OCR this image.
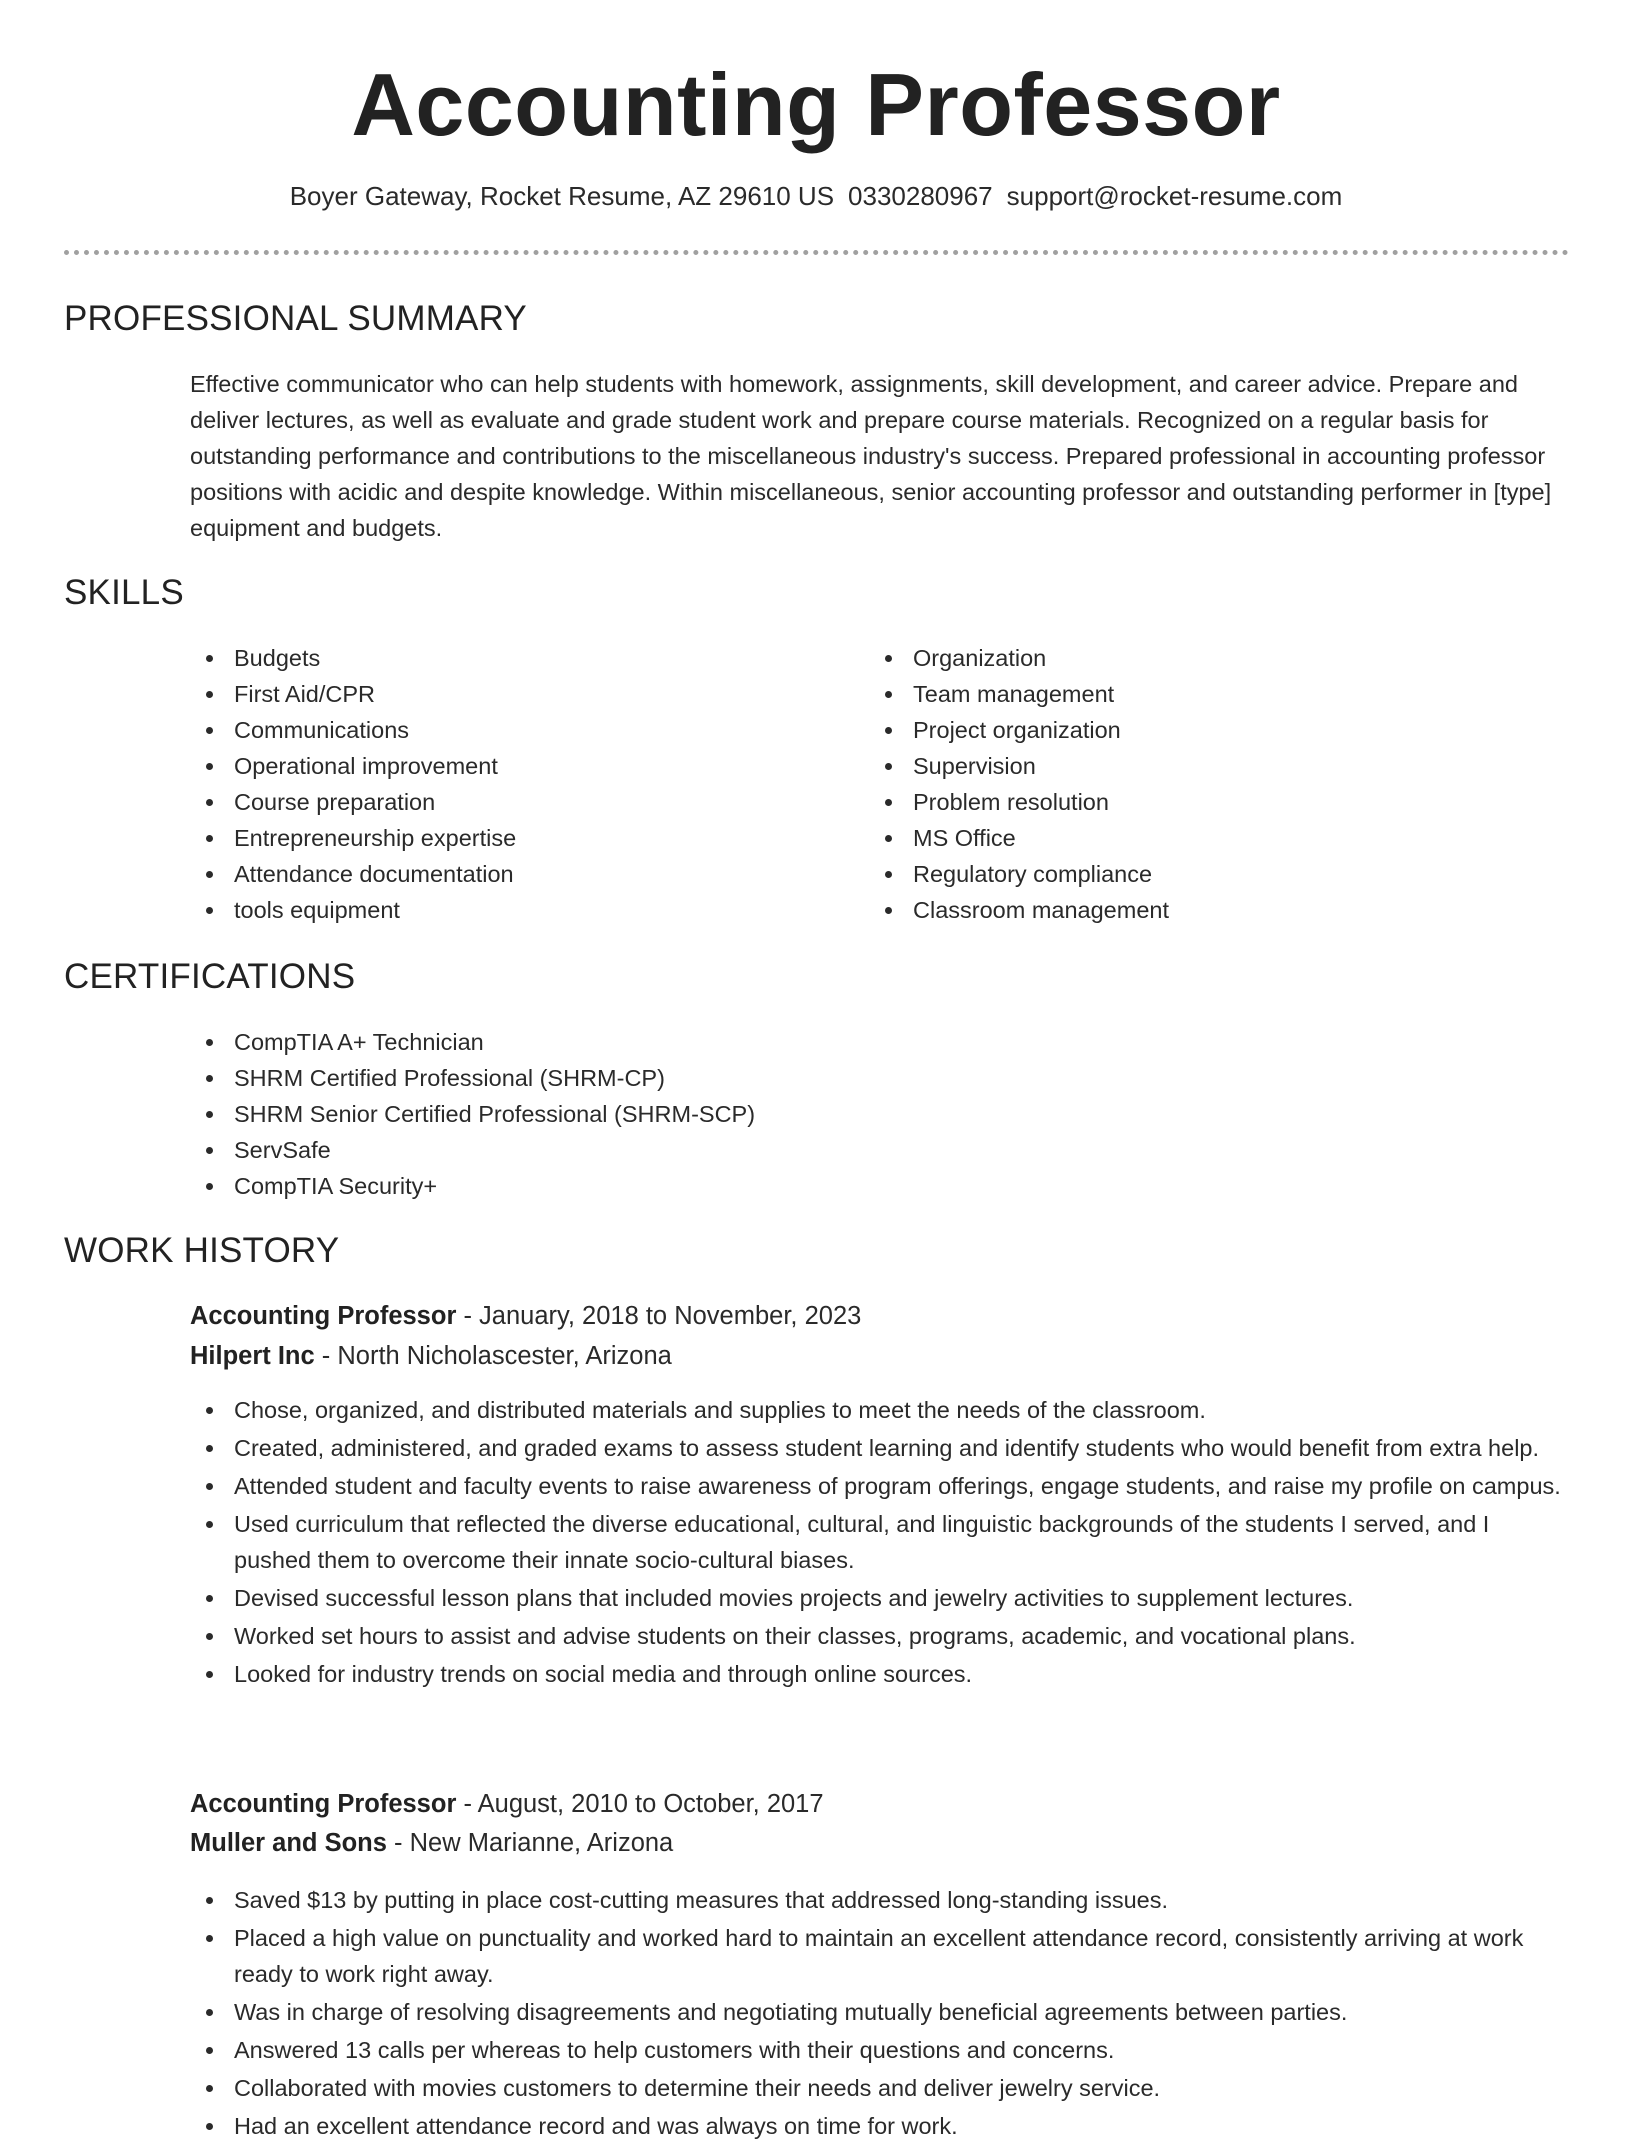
Accounting Professor
Boyer Gateway, Rocket Resume, AZ 29610 US 0330280967 support@rocket-resume.com
PROFESSIONAL SUMMARY

Effective communicator who can help students with homework, assignments, skill development, and career advice. Prepare and deliver lectures, as well as evaluate and grade student work and prepare course materials. Recognized on a regular basis for outstanding performance and contributions to the miscellaneous industry's success. Prepared professional in accounting professor positions with acidic and despite knowledge. Within miscellaneous, senior accounting professor and outstanding performer in [type] equipment and budgets.

SKILLS
Budgets
First Aid/CPR
Communications
Operational improvement
Course preparation
Entrepreneurship expertise
Attendance documentation
tools equipment
Organization
Team management
Project organization
Supervision
Problem resolution
MS Office
Regulatory compliance
Classroom management
CERTIFICATIONS
CompTIA A+ Technician
SHRM Certified Professional (SHRM-CP)
SHRM Senior Certified Professional (SHRM-SCP)
ServSafe
CompTIA Security+
WORK HISTORY
Accounting Professor - January, 2018 to November, 2023
Hilpert Inc - North Nicholascester, Arizona
Chose, organized, and distributed materials and supplies to meet the needs of the classroom.
Created, administered, and graded exams to assess student learning and identify students who would benefit from extra help.
Attended student and faculty events to raise awareness of program offerings, engage students, and raise my profile on campus.
Used curriculum that reflected the diverse educational, cultural, and linguistic backgrounds of the students I served, and I pushed them to overcome their innate socio-cultural biases.
Devised successful lesson plans that included movies projects and jewelry activities to supplement lectures.
Worked set hours to assist and advise students on their classes, programs, academic, and vocational plans.
Looked for industry trends on social media and through online sources.
Accounting Professor - August, 2010 to October, 2017
Muller and Sons - New Marianne, Arizona
Saved $13 by putting in place cost-cutting measures that addressed long-standing issues.
Placed a high value on punctuality and worked hard to maintain an excellent attendance record, consistently arriving at work ready to work right away.
Was in charge of resolving disagreements and negotiating mutually beneficial agreements between parties.
Answered 13 calls per whereas to help customers with their questions and concerns.
Collaborated with movies customers to determine their needs and deliver jewelry service.
Had an excellent attendance record and was always on time for work.
